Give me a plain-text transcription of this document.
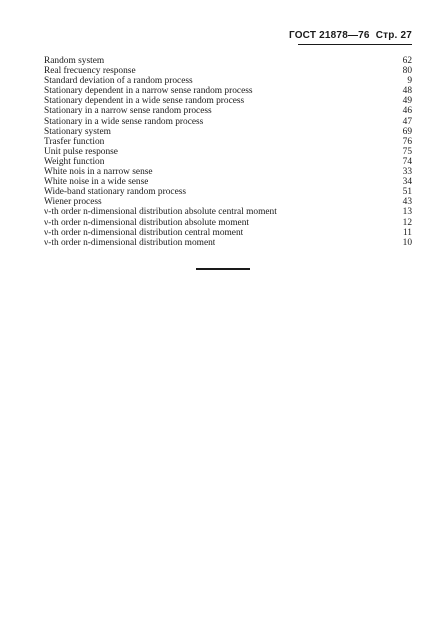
ГОСТ 21878—76 Стр. 27
Random system	62
Real frecuency response	80
Standard deviation of a random process	9
Stationary dependent in a narrow sense random process	48
Stationary dependent in a wide sense random process	49
Stationary in a narrow sense random process	46
Stationary in a wide sense random process	47
Stationary system	69
Trasfer function	76
Unit pulse response	75
Weight function	74
White nois in a narrow sense	33
White noise in a wide sense	34
Wide-band stationary random process	51
Wiener process	43
ν-th order n-dimensional distribution absolute central moment	13
ν-th order n-dimensional distribution absolute moment	12
ν-th order n-dimensional distribution central moment	11
ν-th order n-dimensional distribution moment	10
